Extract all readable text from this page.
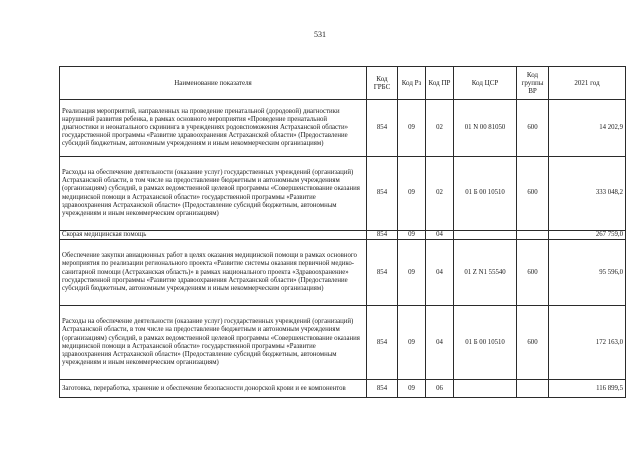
531
Наименование показателя	Код ГРБС	Код Рз	Код ПР	Код ЦСР	Код группы ВР	2021 год
Реализация мероприятий, направленных на проведение пренатальной (дородовой) диагностики нарушений развития ребенка, в рамках основного мероприятия «Проведение пренатальной диагностики и неонатального скрининга в учреждениях родовспоможения Астраханской области» государственной программы «Развитие здравоохранения Астраханской области» (Предоставление субсидий бюджетным, автономным учреждениям и иным некоммерческим организациям)	854	09	02	01 N 00 81050	600	14 202,9
Расходы на обеспечение деятельности (оказание услуг) государственных учреждений (организаций) Астраханской области, в том числе на предоставление бюджетным и автономным учреждениям (организациям) субсидий, в рамках ведомственной целевой программы «Совершенствование оказания медицинской помощи в Астраханской области» государственной программы «Развитие здравоохранения Астраханской области» (Предоставление субсидий бюджетным, автономным учреждениям и иным некоммерческим организациям)	854	09	02	01 Б 00 10510	600	333 048,2
Скорая медицинская помощь	854	09	04			267 759,0
Обеспечение закупки авиационных работ в целях оказания медицинской помощи в рамках основного мероприятия по реализации регионального проекта «Развитие системы оказания первичной медико-санитарной помощи (Астраханская область)» в рамках национального проекта «Здравоохранение» государственной программы «Развитие здравоохранения Астраханской области» (Предоставление субсидий бюджетным, автономным учреждениям и иным некоммерческим организациям)	854	09	04	01 Z N1 55540	600	95 596,0
Расходы на обеспечение деятельности (оказание услуг) государственных учреждений (организаций) Астраханской области, в том числе на предоставление бюджетным и автономным учреждениям (организациям) субсидий, в рамках ведомственной целевой программы «Совершенствование оказания медицинской помощи в Астраханской области» государственной программы «Развитие здравоохранения Астраханской области» (Предоставление субсидий бюджетным, автономным учреждениям и иным некоммерческим организациям)	854	09	04	01 Б 00 10510	600	172 163,0
Заготовка, переработка, хранение и обеспечение безопасности донорской крови и ее компонентов	854	09	06			116 899,5
